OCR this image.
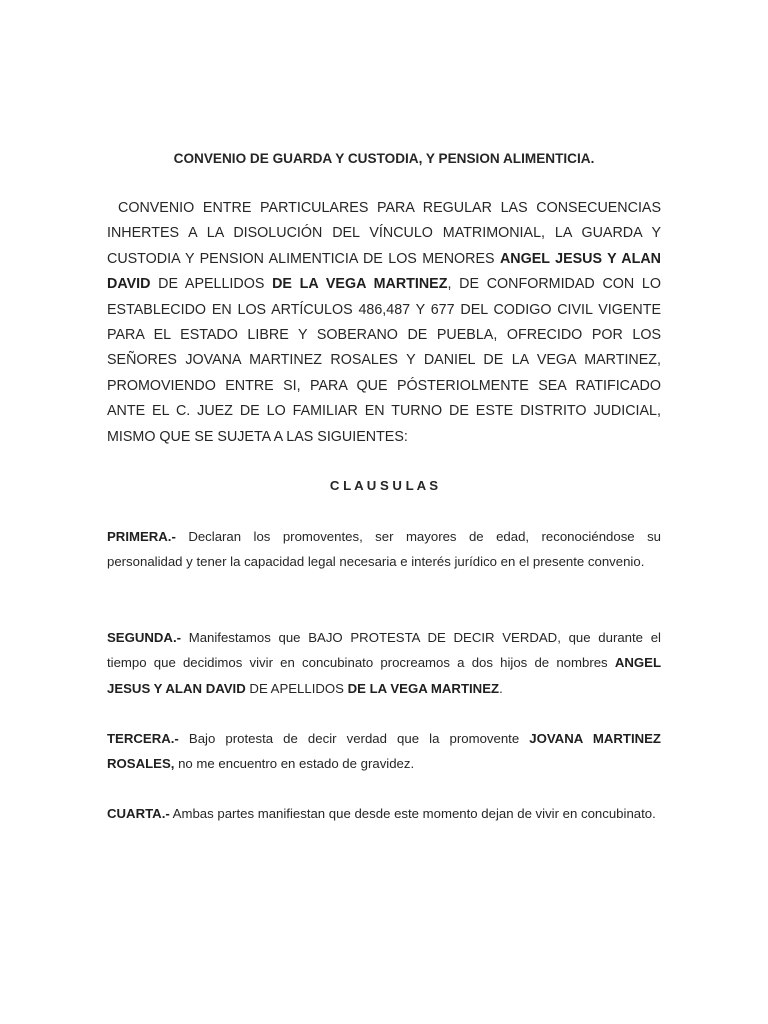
CONVENIO DE GUARDA Y CUSTODIA, Y PENSION ALIMENTICIA.

CONVENIO ENTRE PARTICULARES PARA REGULAR LAS CONSECUENCIAS INHERTES A LA DISOLUCIÓN DEL VÍNCULO MATRIMONIAL, LA GUARDA Y CUSTODIA Y PENSION ALIMENTICIA DE LOS MENORES ANGEL JESUS Y ALAN DAVID DE APELLIDOS DE LA VEGA MARTINEZ, DE CONFORMIDAD CON LO ESTABLECIDO EN LOS ARTÍCULOS 486,487 Y 677 DEL CODIGO CIVIL VIGENTE PARA EL ESTADO LIBRE Y SOBERANO DE PUEBLA, OFRECIDO POR LOS SEÑORES JOVANA MARTINEZ ROSALES Y DANIEL DE LA VEGA MARTINEZ, PROMOVIENDO ENTRE SI, PARA QUE PÓSTERIOLMENTE SEA RATIFICADO ANTE EL C. JUEZ DE LO FAMILIAR EN TURNO DE ESTE DISTRITO JUDICIAL, MISMO QUE SE SUJETA A LAS SIGUIENTES:

C L A U S U L A S

PRIMERA.- Declaran los promoventes, ser mayores de edad, reconociéndose su personalidad y tener la capacidad legal necesaria e interés jurídico en el presente convenio.

SEGUNDA.- Manifestamos que BAJO PROTESTA DE DECIR VERDAD, que durante el tiempo que decidimos vivir en concubinato procreamos a dos hijos de nombres ANGEL JESUS Y ALAN DAVID DE APELLIDOS DE LA VEGA MARTINEZ.

TERCERA.- Bajo protesta de decir verdad que la promovente JOVANA MARTINEZ ROSALES, no me encuentro en estado de gravidez.

CUARTA.- Ambas partes manifiestan que desde este momento dejan de vivir en concubinato.
